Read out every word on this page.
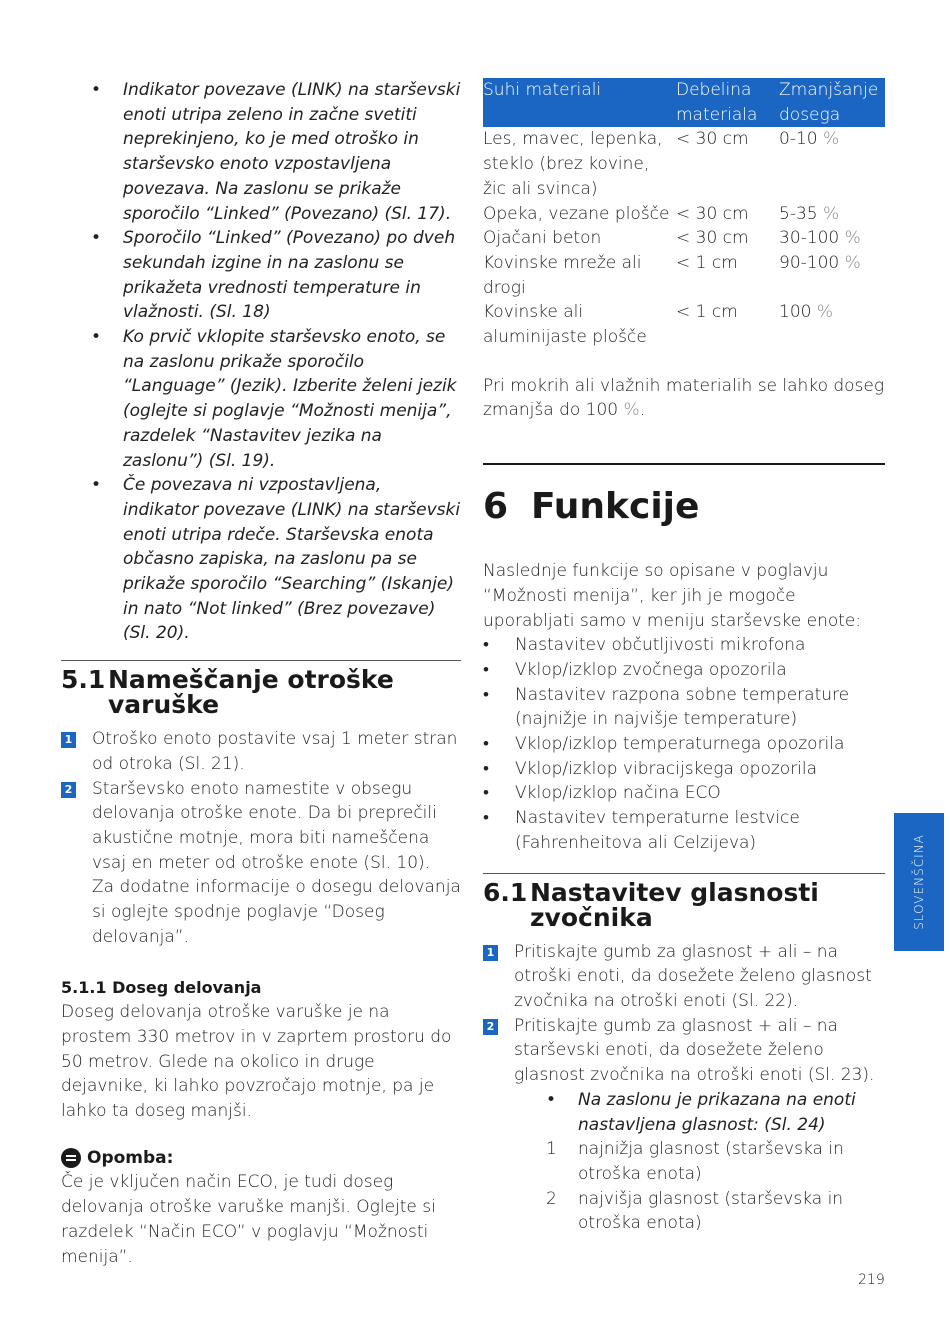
• Indikator povezave (LINK) na starševski enoti utripa zeleno in začne svetiti neprekinjeno, ko je med otroško in starševsko enoto vzpostavljena povezava. Na zaslonu se prikaže sporočilo “Linked” (Povezano) (Sl. 17).
• Sporočilo “Linked” (Povezano) po dveh sekundah izgine in na zaslonu se prikažeta vrednosti temperature in vlažnosti. (Sl. 18)
• Ko prvič vklopite starševsko enoto, se na zaslonu prikaže sporočilo “Language” (Jezik). Izberite želeni jezik (oglejte si poglavje “Možnosti menija”, razdelek “Nastavitev jezika na zaslonu”) (Sl. 19).
• Če povezava ni vzpostavljena, indikator povezave (LINK) na starševski enoti utripa rdeče. Starševska enota občasno zapiska, na zaslonu pa se prikaže sporočilo “Searching” (Iskanje) in nato “Not linked” (Brez povezave) (Sl. 20).
5.1 Nameščanje otroške varuške
1 Otroško enoto postavite vsaj 1 meter stran od otroka (Sl. 21).
2 Starševsko enoto namestite v obsegu delovanja otroške enote. Da bi preprečili akustične motnje, mora biti nameščena vsaj en meter od otroške enote (Sl. 10).
Za dodatne informacije o dosegu delovanja si oglejte spodnje poglavje “Doseg delovanja”.
5.1.1 Doseg delovanja
Doseg delovanja otroške varuške je na prostem 330 metrov in v zaprtem prostoru do 50 metrov. Glede na okolico in druge dejavnike, ki lahko povzročajo motnje, pa je lahko ta doseg manjši.
Opomba:
Če je vključen način ECO, je tudi doseg delovanja otroške varuške manjši. Oglejte si razdelek “Način ECO” v poglavju “Možnosti menija”.
Suhi materiali	Debelina materiala	Zmanjšanje dosega
Les, mavec, lepenka, steklo (brez kovine, žic ali svinca)	< 30 cm	0-10 %
Opeka, vezane plošče	< 30 cm	5-35 %
Ojačani beton	< 30 cm	30-100 %
Kovinske mreže ali drogi	< 1 cm	90-100 %
Kovinske ali aluminijaste plošče	< 1 cm	100 %
Pri mokrih ali vlažnih materialih se lahko doseg zmanjša do 100 %.
6 Funkcije
Naslednje funkcije so opisane v poglavju “Možnosti menija”, ker jih je mogoče uporabljati samo v meniju starševske enote:
• Nastavitev občutljivosti mikrofona
• Vklop/izklop zvočnega opozorila
• Nastavitev razpona sobne temperature (najnižje in najvišje temperature)
• Vklop/izklop temperaturnega opozorila
• Vklop/izklop vibracijskega opozorila
• Vklop/izklop načina ECO
• Nastavitev temperaturne lestvice (Fahrenheitova ali Celzijeva)
6.1 Nastavitev glasnosti zvočnika
1 Pritiskajte gumb za glasnost + ali – na otroški enoti, da dosežete želeno glasnost zvočnika na otroški enoti (Sl. 22).
2 Pritiskajte gumb za glasnost + ali – na starševski enoti, da dosežete želeno glasnost zvočnika na otroški enoti (Sl. 23).
• Na zaslonu je prikazana na enoti nastavljena glasnost: (Sl. 24)
1 najnižja glasnost (starševska in otroška enota)
2 najvišja glasnost (starševska in otroška enota)
SLOVENŠČINA
219
